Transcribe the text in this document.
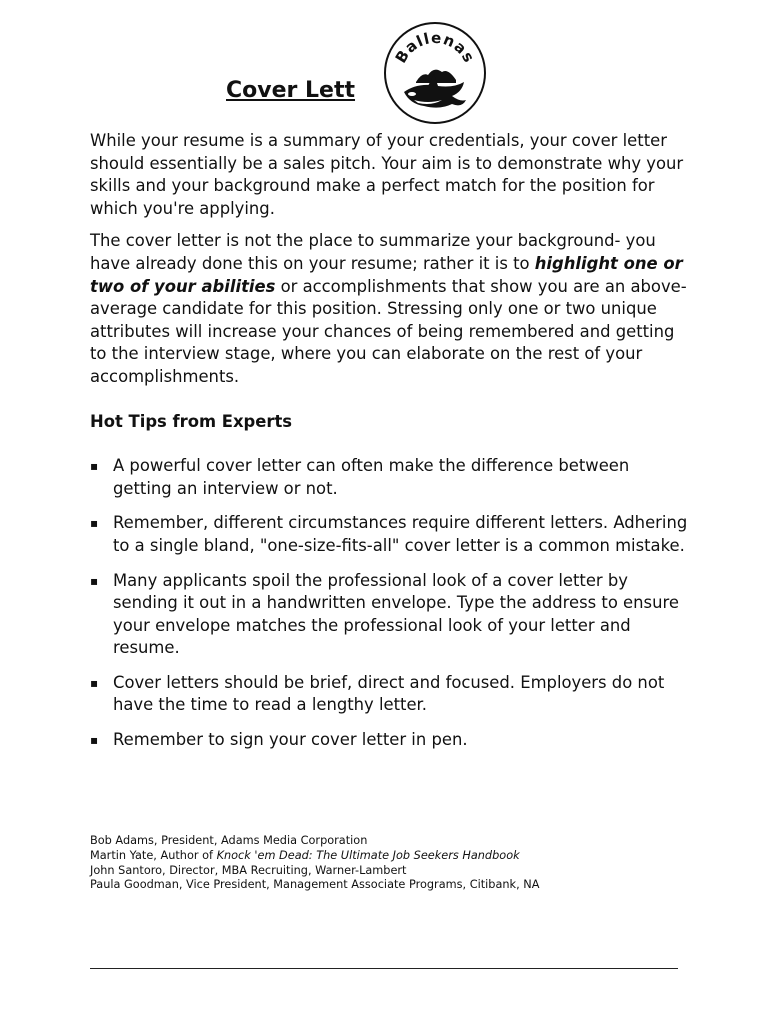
Cover Lett
Ballenas

While your resume is a summary of your credentials, your cover letter should essentially be a sales pitch. Your aim is to demonstrate why your skills and your background make a perfect match for the position for which you're applying.

The cover letter is not the place to summarize your background- you have already done this on your resume; rather it is to highlight one or two of your abilities or accomplishments that show you are an above-average candidate for this position. Stressing only one or two unique attributes will increase your chances of being remembered and getting to the interview stage, where you can elaborate on the rest of your accomplishments.

Hot Tips from Experts
▪ A powerful cover letter can often make the difference between getting an interview or not.
▪ Remember, different circumstances require different letters. Adhering to a single bland, "one-size-fits-all" cover letter is a common mistake.
▪ Many applicants spoil the professional look of a cover letter by sending it out in a handwritten envelope. Type the address to ensure your envelope matches the professional look of your letter and resume.
▪ Cover letters should be brief, direct and focused. Employers do not have the time to read a lengthy letter.
▪ Remember to sign your cover letter in pen.
Bob Adams, President, Adams Media Corporation
Martin Yate, Author of Knock 'em Dead: The Ultimate Job Seekers Handbook
John Santoro, Director, MBA Recruiting, Warner-Lambert
Paula Goodman, Vice President, Management Associate Programs, Citibank, NA
